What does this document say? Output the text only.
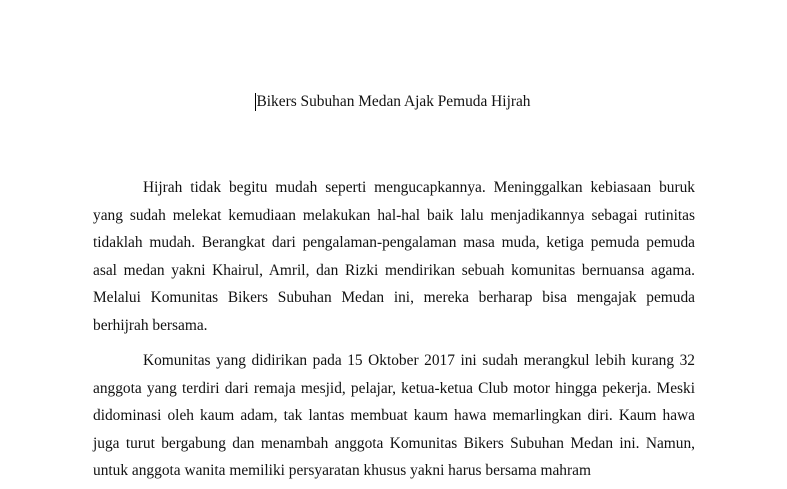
Bikers Subuhan Medan Ajak Pemuda Hijrah

Hijrah tidak begitu mudah seperti mengucapkannya. Meninggalkan kebiasaan buruk yang sudah melekat kemudiaan melakukan hal-hal baik lalu menjadikannya sebagai rutinitas tidaklah mudah. Berangkat dari pengalaman-pengalaman masa muda, ketiga pemuda pemuda asal medan yakni Khairul, Amril, dan Rizki mendirikan sebuah komunitas bernuansa agama. Melalui Komunitas Bikers Subuhan Medan ini, mereka berharap bisa mengajak pemuda berhijrah bersama.

Komunitas yang didirikan pada 15 Oktober 2017 ini sudah merangkul lebih kurang 32 anggota yang terdiri dari remaja mesjid, pelajar, ketua-ketua Club motor hingga pekerja. Meski didominasi oleh kaum adam, tak lantas membuat kaum hawa memarlingkan diri. Kaum hawa juga turut bergabung dan menambah anggota Komunitas Bikers Subuhan Medan ini. Namun, untuk anggota wanita memiliki persyaratan khusus yakni harus bersama mahram
